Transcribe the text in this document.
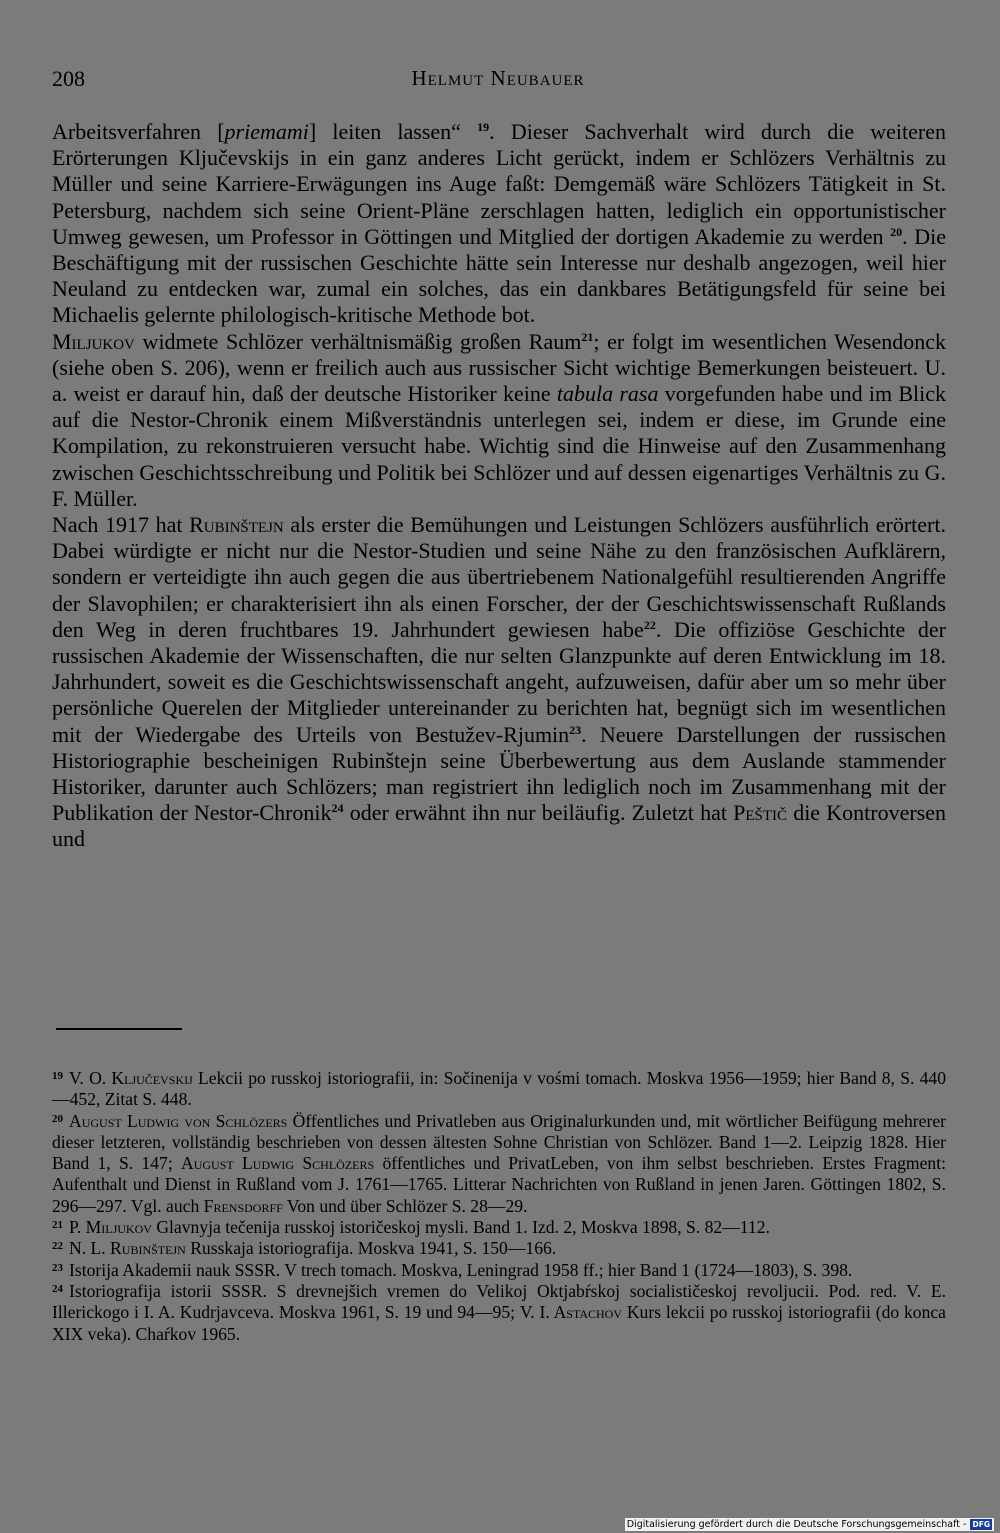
208	Helmut Neubauer

Arbeitsverfahren [priemami] leiten lassen“ $^{19}$. Dieser Sachverhalt wird durch die weiteren Erörterungen Ključevskijs in ein ganz anderes Licht gerückt, indem er Schlözers Verhältnis zu Müller und seine Karriere-Erwägungen ins Auge faßt: Demgemäß wäre Schlözers Tätigkeit in St. Petersburg, nachdem sich seine Orient-Pläne zerschlagen hatten, lediglich ein opportunistischer Umweg gewesen, um Professor in Göttingen und Mitglied der dortigen Akademie zu werden $^{20}$. Die Beschäftigung mit der russischen Geschichte hätte sein Interesse nur deshalb angezogen, weil hier Neuland zu entdecken war, zumal ein solches, das ein dankbares Betätigungsfeld für seine bei Michaelis gelernte philologisch-kritische Methode bot.

Miljukov widmete Schlözer verhältnismäßig großen Raum$^{21}$; er folgt im wesentlichen Wesendonck (siehe oben S. 206), wenn er freilich auch aus russischer Sicht wichtige Bemerkungen beisteuert. U. a. weist er darauf hin, daß der deutsche Historiker keine tabula rasa vorgefunden habe und im Blick auf die Nestor-Chronik einem Mißverständnis unterlegen sei, indem er diese, im Grunde eine Kompilation, zu rekonstruieren versucht habe. Wichtig sind die Hinweise auf den Zusammenhang zwischen Geschichtsschreibung und Politik bei Schlözer und auf dessen eigenartiges Verhältnis zu G. F. Müller.

Nach 1917 hat Rubinštejn als erster die Bemühungen und Leistungen Schlözers ausführlich erörtert. Dabei würdigte er nicht nur die Nestor-Studien und seine Nähe zu den französischen Aufklärern, sondern er verteidigte ihn auch gegen die aus übertriebenem Nationalgefühl resultierenden Angriffe der Slavophilen; er charakterisiert ihn als einen Forscher, der der Geschichtswissenschaft Rußlands den Weg in deren fruchtbares 19. Jahrhundert gewiesen habe$^{22}$. Die offiziöse Geschichte der russischen Akademie der Wissenschaften, die nur selten Glanzpunkte auf deren Entwicklung im 18. Jahrhundert, soweit es die Geschichtswissenschaft angeht, aufzuweisen, dafür aber um so mehr über persönliche Querelen der Mitglieder untereinander zu berichten hat, begnügt sich im wesentlichen mit der Wiedergabe des Urteils von Bestužev-Rjumin$^{23}$. Neuere Darstellungen der russischen Historiographie bescheinigen Rubinštejn seine Überbewertung aus dem Auslande stammender Historiker, darunter auch Schlözers; man registriert ihn lediglich noch im Zusammenhang mit der Publikation der Nestor-Chronik$^{24}$ oder erwähnt ihn nur beiläufig. Zuletzt hat Peštič die Kontroversen und

$^{19}$ V. O. Ključevskij Lekcii po russkoj istoriografii, in: Sočinenija v vośmi tomach. Moskva 1956—1959; hier Band 8, S. 440—452, Zitat S. 448.

$^{20}$ August Ludwig von Schlözers Öffentliches und Privatleben aus Originalurkunden und, mit wörtlicher Beifügung mehrerer dieser letzteren, vollständig beschrieben von dessen ältesten Sohne Christian von Schlözer. Band 1—2. Leipzig 1828. Hier Band 1, S. 147; August Ludwig Schlözers öffentliches und PrivatLeben, von ihm selbst beschrieben. Erstes Fragment: Aufenthalt und Dienst in Rußland vom J. 1761—1765. Litterar Nachrichten von Rußland in jenen Jaren. Göttingen 1802, S. 296—297. Vgl. auch Frensdorff Von und über Schlözer S. 28—29.

$^{21}$ P. Miljukov Glavnyja tečenija russkoj istoričeskoj mysli. Band 1. Izd. 2, Moskva 1898, S. 82—112.

$^{22}$ N. L. Rubinštejn Russkaja istoriografija. Moskva 1941, S. 150—166.

$^{23}$ Istorija Akademii nauk SSSR. V trech tomach. Moskva, Leningrad 1958 ff.; hier Band 1 (1724—1803), S. 398.

$^{24}$ Istoriografija istorii SSSR. S drevnejšich vremen do Velikoj Oktjabŕskoj socialističeskoj revoljucii. Pod. red. V. E. Illerickogo i I. A. Kudrjavceva. Moskva 1961, S. 19 und 94—95; V. I. Astachov Kurs lekcii po russkoj istoriografii (do konca XIX veka). Chaŕkov 1965.

Digitalisierung gefördert durch die Deutsche Forschungsgemeinschaft - DFG
